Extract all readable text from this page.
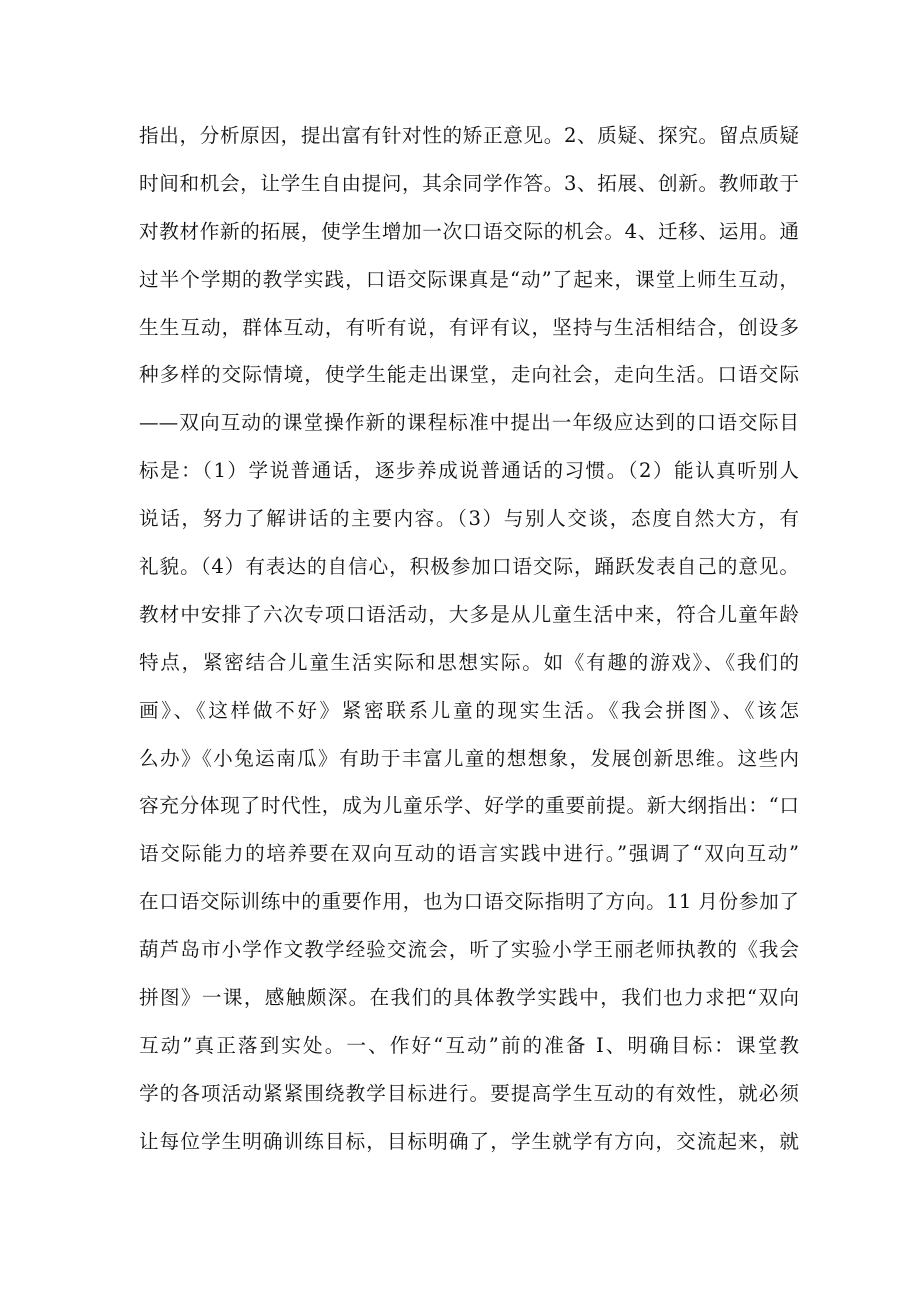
指出，分析原因，提出富有针对性的矫正意见。2、质疑、探究。留点质疑
时间和机会，让学生自由提问，其余同学作答。3、拓展、创新。教师敢于
对教材作新的拓展，使学生增加一次口语交际的机会。4、迁移、运用。通
过半个学期的教学实践，口语交际课真是“动”了起来，课堂上师生互动，
生生互动，群体互动，有听有说，有评有议，坚持与生活相结合，创设多
种多样的交际情境，使学生能走出课堂，走向社会，走向生活。口语交际
——双向互动的课堂操作新的课程标准中提出一年级应达到的口语交际目
标是：（1）学说普通话，逐步养成说普通话的习惯。（2）能认真听别人
说话，努力了解讲话的主要内容。（3）与别人交谈，态度自然大方，有
礼貌。（4）有表达的自信心，积极参加口语交际，踊跃发表自己的意见。
教材中安排了六次专项口语活动，大多是从儿童生活中来，符合儿童年龄
特点，紧密结合儿童生活实际和思想实际。如《有趣的游戏》、《我们的
画》、《这样做不好》紧密联系儿童的现实生活。《我会拼图》、《该怎
么办》《小兔运南瓜》有助于丰富儿童的想想象，发展创新思维。这些内
容充分体现了时代性，成为儿童乐学、好学的重要前提。新大纲指出：“口
语交际能力的培养要在双向互动的语言实践中进行。”强调了“双向互动”
在口语交际训练中的重要作用，也为口语交际指明了方向。11 月份参加了
葫芦岛市小学作文教学经验交流会，听了实验小学王丽老师执教的《我会
拼图》一课，感触颇深。在我们的具体教学实践中，我们也力求把“双向
互动”真正落到实处。一、作好“互动”前的准备 I、明确目标：课堂教
学的各项活动紧紧围绕教学目标进行。要提高学生互动的有效性，就必须
让每位学生明确训练目标，目标明确了，学生就学有方向，交流起来，就
